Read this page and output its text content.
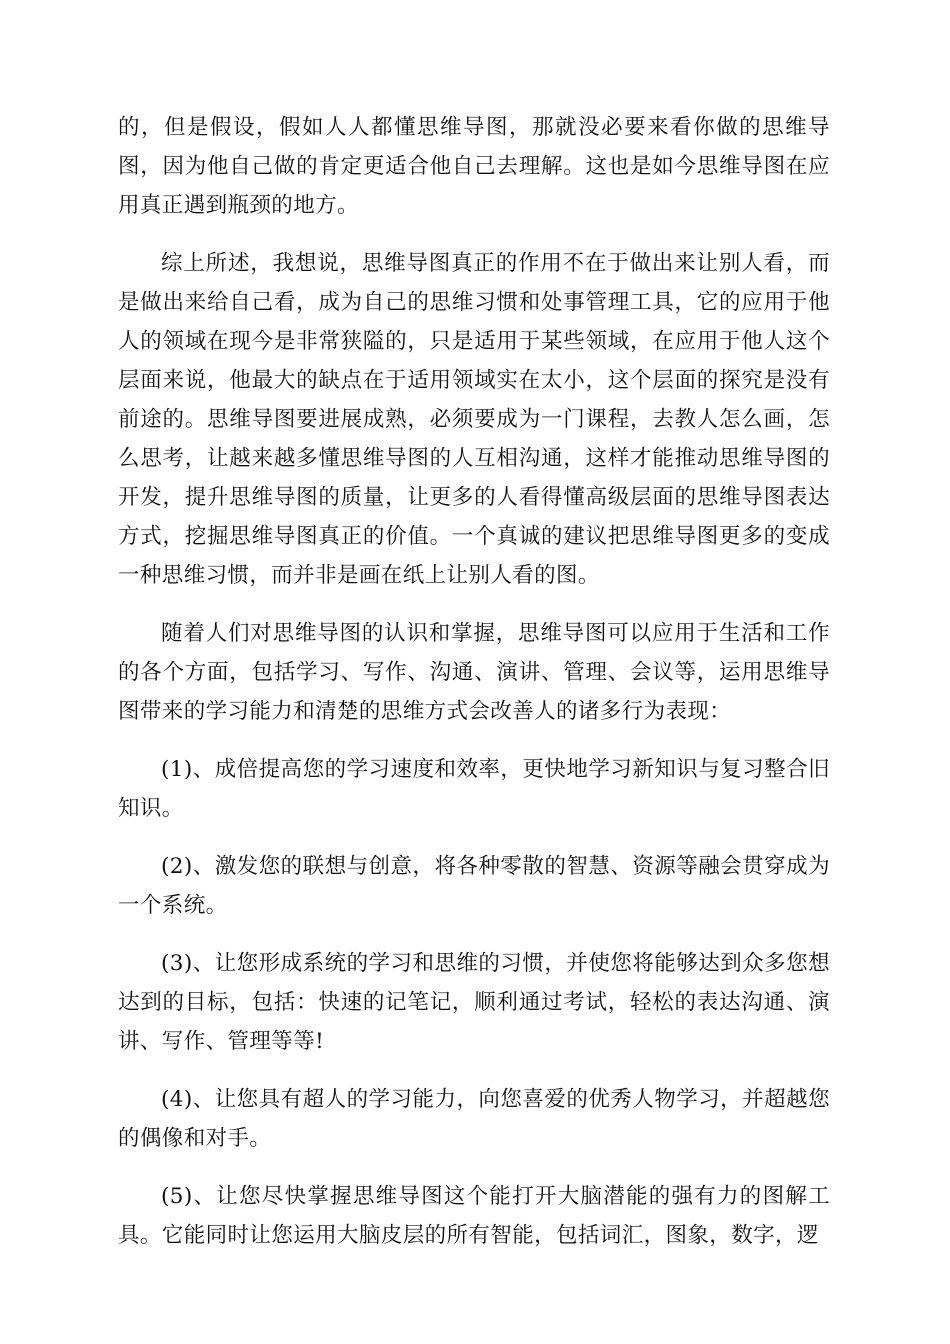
的，但是假设，假如人人都懂思维导图，那就没必要来看你做的思维导图，因为他自己做的肯定更适合他自己去理解。这也是如今思维导图在应用真正遇到瓶颈的地方。

综上所述，我想说，思维导图真正的作用不在于做出来让别人看，而是做出来给自己看，成为自己的思维习惯和处事管理工具，它的应用于他人的领域在现今是非常狭隘的，只是适用于某些领域，在应用于他人这个层面来说，他最大的缺点在于适用领域实在太小，这个层面的探究是没有前途的。思维导图要进展成熟，必须要成为一门课程，去教人怎么画，怎么思考，让越来越多懂思维导图的人互相沟通，这样才能推动思维导图的开发，提升思维导图的质量，让更多的人看得懂高级层面的思维导图表达方式，挖掘思维导图真正的价值。一个真诚的建议把思维导图更多的变成一种思维习惯，而并非是画在纸上让别人看的图。

随着人们对思维导图的认识和掌握，思维导图可以应用于生活和工作的各个方面，包括学习、写作、沟通、演讲、管理、会议等，运用思维导图带来的学习能力和清楚的思维方式会改善人的诸多行为表现：

(1)、成倍提高您的学习速度和效率，更快地学习新知识与复习整合旧知识。

(2)、激发您的联想与创意，将各种零散的智慧、资源等融会贯穿成为一个系统。

(3)、让您形成系统的学习和思维的习惯，并使您将能够达到众多您想达到的目标，包括：快速的记笔记，顺利通过考试，轻松的表达沟通、演讲、写作、管理等等!

(4)、让您具有超人的学习能力，向您喜爱的优秀人物学习，并超越您的偶像和对手。

(5)、让您尽快掌握思维导图这个能打开大脑潜能的强有力的图解工具。它能同时让您运用大脑皮层的所有智能，包括词汇，图象，数字，逻
